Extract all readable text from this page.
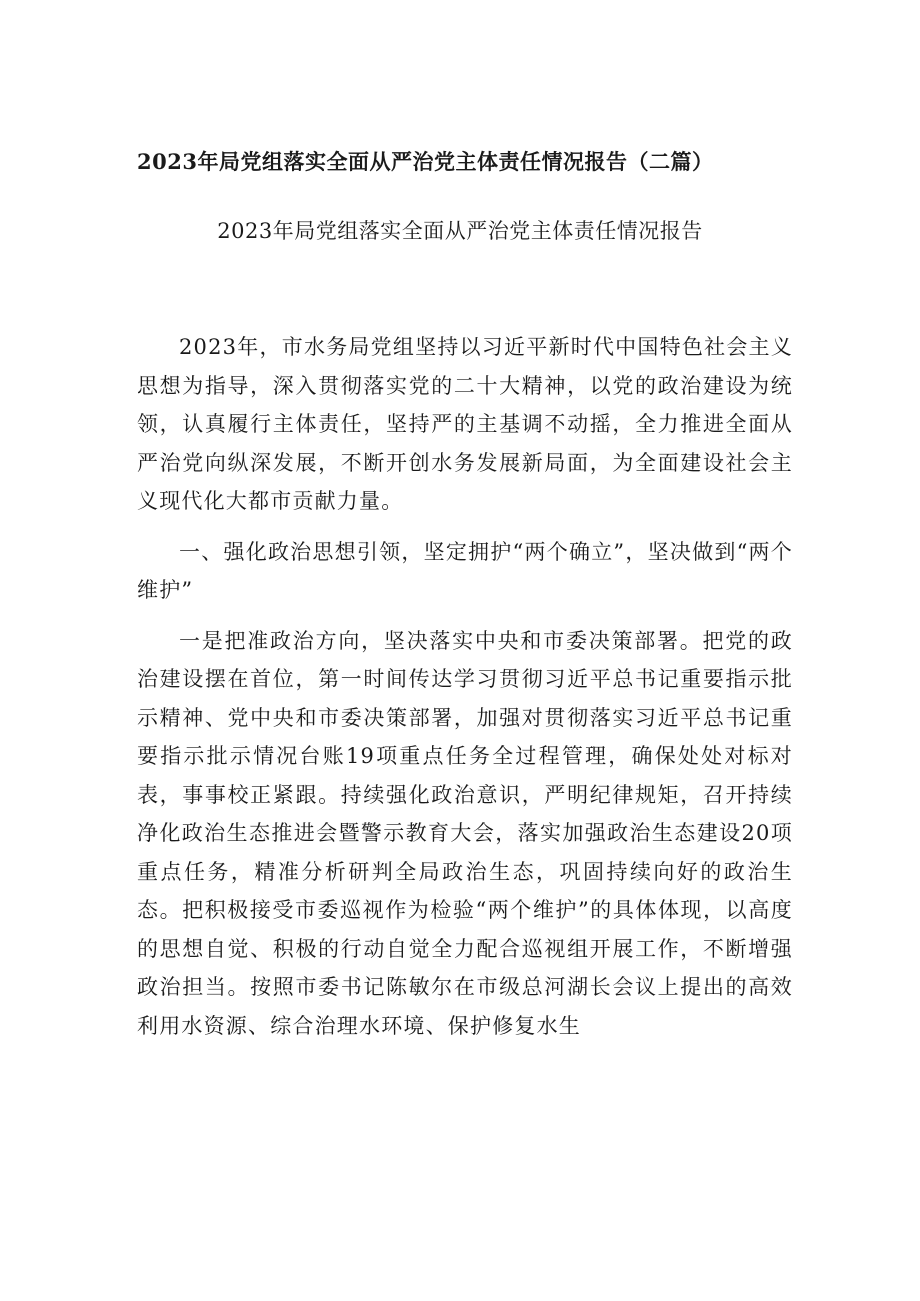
2023年局党组落实全面从严治党主体责任情况报告（二篇）
2023年局党组落实全面从严治党主体责任情况报告

2023年，市水务局党组坚持以习近平新时代中国特色社会主义思想为指导，深入贯彻落实党的二十大精神，以党的政治建设为统领，认真履行主体责任，坚持严的主基调不动摇，全力推进全面从严治党向纵深发展，不断开创水务发展新局面，为全面建设社会主义现代化大都市贡献力量。

一、强化政治思想引领，坚定拥护“两个确立”，坚决做到“两个维护”

一是把准政治方向，坚决落实中央和市委决策部署。把党的政治建设摆在首位，第一时间传达学习贯彻习近平总书记重要指示批示精神、党中央和市委决策部署，加强对贯彻落实习近平总书记重要指示批示情况台账19项重点任务全过程管理，确保处处对标对表，事事校正紧跟。持续强化政治意识，严明纪律规矩，召开持续净化政治生态推进会暨警示教育大会，落实加强政治生态建设20项重点任务，精准分析研判全局政治生态，巩固持续向好的政治生态。把积极接受市委巡视作为检验“两个维护”的具体体现，以高度的思想自觉、积极的行动自觉全力配合巡视组开展工作，不断增强政治担当。按照市委书记陈敏尔在市级总河湖长会议上提出的高效利用水资源、综合治理水环境、保护修复水生
